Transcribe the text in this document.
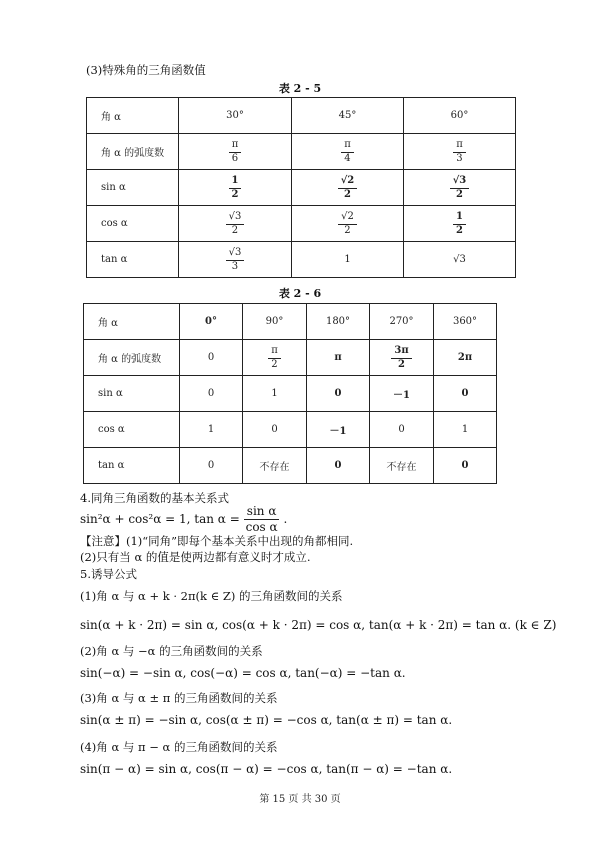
(3)特殊角的三角函数值
表 2 - 5
角 α	30°	45°	60°
角 α 的弧度数	$\frac{\pi}{6}$	$\frac{\pi}{4}$	$\frac{\pi}{3}$

sin α	$\frac{1}{2}$	$\frac{√2}{2}$	$\frac{√3}{2}$

cos α	$\frac{√3}{2}$	$\frac{√2}{2}$	$\frac{1}{2}$

tan α	$\frac{√3}{3}$	1	√3
表 2 - 6
角 α	0°	90°	180°	270°	360°
角 α 的弧度数	0	$\frac{\pi}{2}$	π	$\frac{3\pi}{2}$	2π
sin α	0	1	0	－1	0
cos α	1	0	－1	0	1
tan α	0	不存在	0	不存在	0
4.同角三角函数的基本关系式
sin²α + cos²α = 1, $\tan \alpha = \frac{\text{sin α}}{\text{cos α}}$ .
【注意】(1)“同角”即每个基本关系中出现的角都相同.
(2)只有当 α 的值是使两边都有意义时才成立.
5.诱导公式
(1)角 α 与 α + k · 2π(k ∈ Z) 的三角函数间的关系
sin(α + k · 2π) = sin α, cos(α + k · 2π) = cos α, tan(α + k · 2π) = tan α. (k ∈ Z)
(2)角 α 与 −α 的三角函数间的关系
sin(−α) = −sin α, cos(−α) = cos α, tan(−α) = −tan α.
(3)角 α 与 α ± π 的三角函数间的关系
sin(α ± π) = −sin α, cos(α ± π) = −cos α, tan(α ± π) = tan α.
(4)角 α 与 π − α 的三角函数间的关系
sin(π − α) = sin α, cos(π − α) = −cos α, tan(π − α) = −tan α.
第 15 页 共 30 页
